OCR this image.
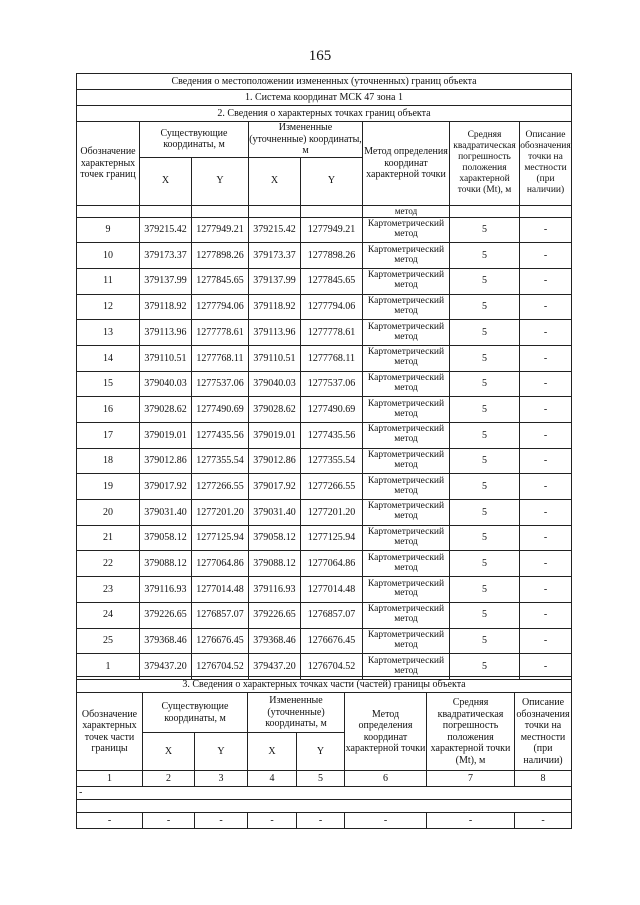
165
Сведения о местоположении измененных (уточненных) границ объекта							
1. Система координат МСК 47 зона 1							
2. Сведения о характерных точках границ объекта							
Обозначение характерных точек границ	Существующие координаты, м		Измененные (уточненные) координаты, м		Метод определения координат характерной точки	Средняя квадратическая погрешность положения характерной точки (Mt), м	Описание обозначения точки на местности (при наличии)
	X	Y	X	Y			
					метод		
9	379215.42	1277949.21	379215.42	1277949.21	Картометрический метод	5	-
10	379173.37	1277898.26	379173.37	1277898.26	Картометрический метод	5	-
11	379137.99	1277845.65	379137.99	1277845.65	Картометрический метод	5	-
12	379118.92	1277794.06	379118.92	1277794.06	Картометрический метод	5	-
13	379113.96	1277778.61	379113.96	1277778.61	Картометрический метод	5	-
14	379110.51	1277768.11	379110.51	1277768.11	Картометрический метод	5	-
15	379040.03	1277537.06	379040.03	1277537.06	Картометрический метод	5	-
16	379028.62	1277490.69	379028.62	1277490.69	Картометрический метод	5	-
17	379019.01	1277435.56	379019.01	1277435.56	Картометрический метод	5	-
18	379012.86	1277355.54	379012.86	1277355.54	Картометрический метод	5	-
19	379017.92	1277266.55	379017.92	1277266.55	Картометрический метод	5	-
20	379031.40	1277201.20	379031.40	1277201.20	Картометрический метод	5	-
21	379058.12	1277125.94	379058.12	1277125.94	Картометрический метод	5	-
22	379088.12	1277064.86	379088.12	1277064.86	Картометрический метод	5	-
23	379116.93	1277014.48	379116.93	1277014.48	Картометрический метод	5	-
24	379226.65	1276857.07	379226.65	1276857.07	Картометрический метод	5	-
25	379368.46	1276676.45	379368.46	1276676.45	Картометрический метод	5	-
1	379437.20	1276704.52	379437.20	1276704.52	Картометрический метод	5	-
3. Сведения о характерных точках части (частей) границы объекта							
Обозначение характерных точек части границы	Существующие координаты, м		Измененные (уточненные) координаты, м		Метод определения координат характерной точки	Средняя квадратическая погрешность положения характерной точки (Mt), м	Описание обозначения точки на местности (при наличии)
	X	Y	X	Y			
1	2	3	4	5	6	7	8
-							

-	-	-	-	-	-	-	-
